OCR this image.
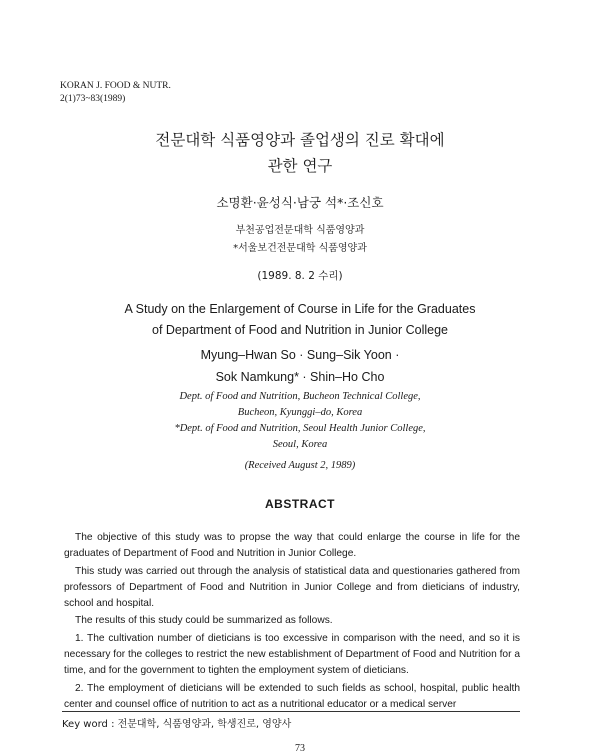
KORAN J. FOOD & NUTR.
2(1)73~83(1989)
전문대학 식품영양과 졸업생의 진로 확대에
관한 연구
소명환·윤성식·남궁 석*·조신호
부천공업전문대학 식품영양과
*서울보건전문대학 식품영양과
(1989. 8. 2 수리)
A Study on the Enlargement of Course in Life for the Graduates
of Department of Food and Nutrition in Junior College
Myung–Hwan So · Sung–Sik Yoon ·
Sok Namkung* · Shin–Ho Cho
Dept. of Food and Nutrition, Bucheon Technical College,
Bucheon, Kyunggi–do, Korea
*Dept. of Food and Nutrition, Seoul Health Junior College,
Seoul, Korea
(Received August 2, 1989)
ABSTRACT

The objective of this study was to propse the way that could enlarge the course in life for the graduates of Department of Food and Nutrition in Junior College.

This study was carried out through the analysis of statistical data and questionaries gathered from professors of Department of Food and Nutrition in Junior College and from dieticians of industry, school and hospital.

The results of this study could be summarized as follows.

1. The cultivation number of dieticians is too excessive in comparison with the need, and so it is necessary for the colleges to restrict the new establishment of Department of Food and Nutrition for a time, and for the government to tighten the employment system of dieticians.

2. The employment of dieticians will be extended to such fields as school, hospital, public health center and counsel office of nutrition to act as a nutritional educator or a medical server

Key word : 전문대학, 식품영양과, 학생진로, 영양사
73
